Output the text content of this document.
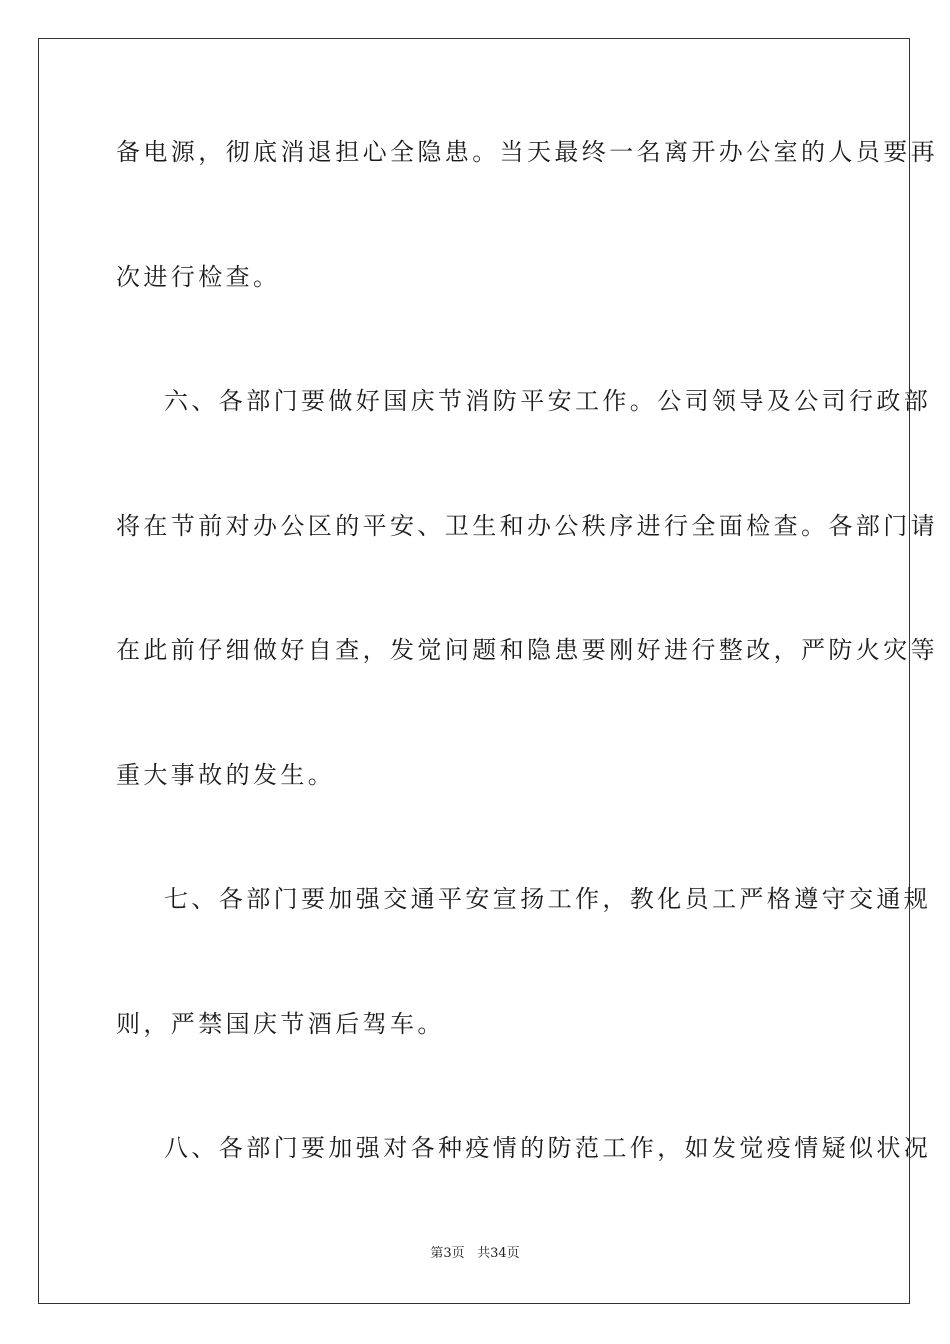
备电源，彻底消退担心全隐患。当天最终一名离开办公室的人员要再
次进行检查。
六、各部门要做好国庆节消防平安工作。公司领导及公司行政部
将在节前对办公区的平安、卫生和办公秩序进行全面检查。各部门请
在此前仔细做好自查，发觉问题和隐患要刚好进行整改，严防火灾等
重大事故的发生。
七、各部门要加强交通平安宣扬工作，教化员工严格遵守交通规
则，严禁国庆节酒后驾车。
八、各部门要加强对各种疫情的防范工作，如发觉疫情疑似状况
第3页 共34页
